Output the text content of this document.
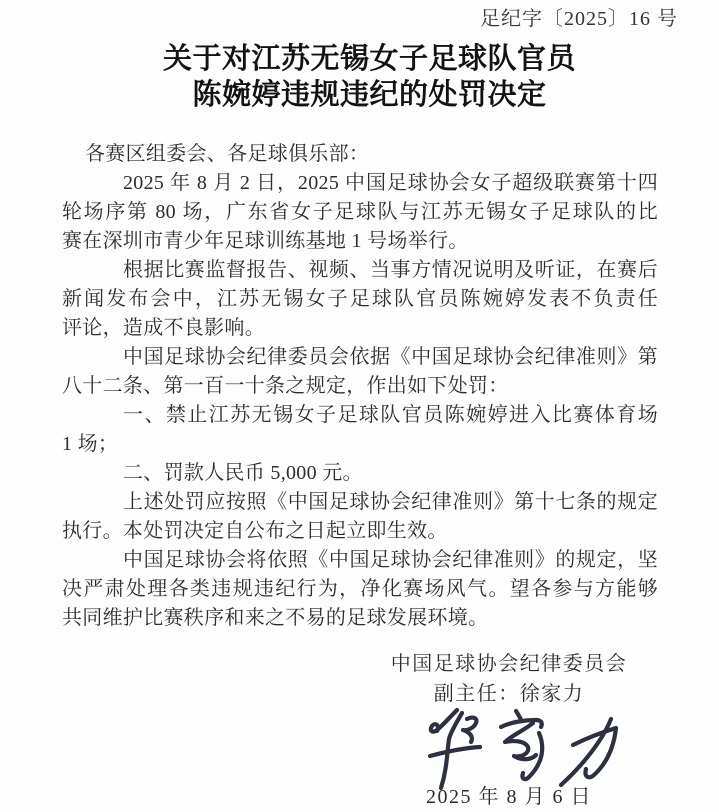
足纪字〔2025〕16 号
关于对江苏无锡女子足球队官员
陈婉婷违规违纪的处罚决定
各赛区组委会、各足球俱乐部：
2025 年 8 月 2 日，2025 中国足球协会女子超级联赛第十四
轮场序第 80 场，广东省女子足球队与江苏无锡女子足球队的比
赛在深圳市青少年足球训练基地 1 号场举行。
根据比赛监督报告、视频、当事方情况说明及听证，在赛后
新闻发布会中，江苏无锡女子足球队官员陈婉婷发表不负责任
评论，造成不良影响。
中国足球协会纪律委员会依据《中国足球协会纪律准则》第
八十二条、第一百一十条之规定，作出如下处罚：
一、禁止江苏无锡女子足球队官员陈婉婷进入比赛体育场
1 场；
二、罚款人民币 5,000 元。
上述处罚应按照《中国足球协会纪律准则》第十七条的规定
执行。本处罚决定自公布之日起立即生效。
中国足球协会将依照《中国足球协会纪律准则》的规定，坚
决严肃处理各类违规违纪行为，净化赛场风气。望各参与方能够
共同维护比赛秩序和来之不易的足球发展环境。
中国足球协会纪律委员会
副主任：徐家力
2025 年 8 月 6 日
